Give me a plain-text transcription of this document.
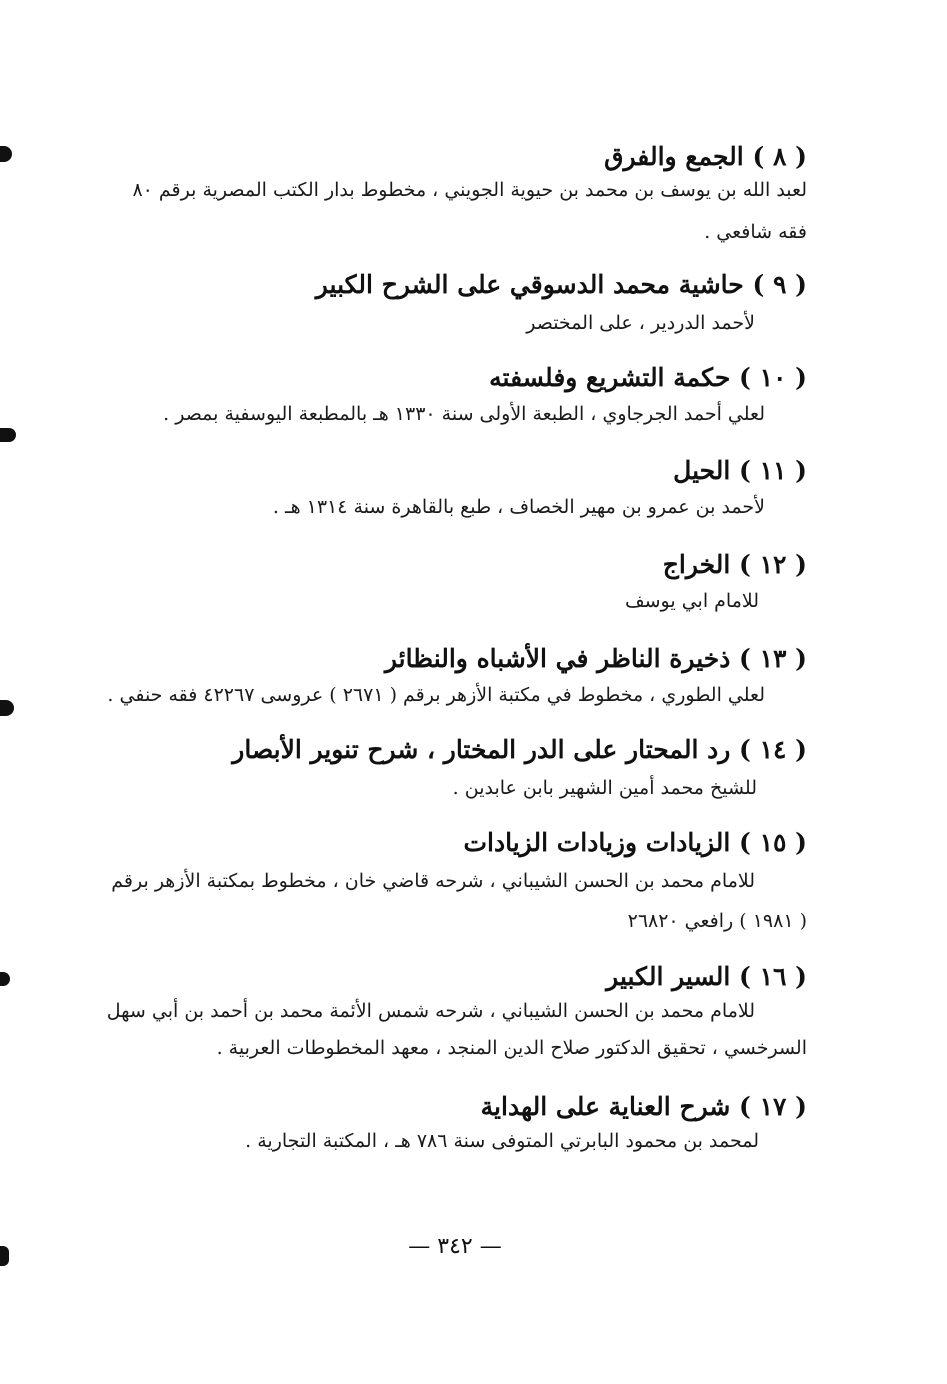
( ٨ ) الجمع والفرق
لعبد الله بن يوسف بن محمد بن حيوية الجويني ، مخطوط بدار الكتب المصرية برقم ٨٠
فقه شافعي .
( ٩ ) حاشية محمد الدسوقي على الشرح الكبير
لأحمد الدردير ، على المختصر
( ١٠ ) حكمة التشريع وفلسفته
لعلي أحمد الجرجاوي ، الطبعة الأولى سنة ١٣٣٠ هـ بالمطبعة اليوسفية بمصر .
( ١١ ) الحيل
لأحمد بن عمرو بن مهير الخصاف ، طبع بالقاهرة سنة ١٣١٤ هـ .
( ١٢ ) الخراج
للامام ابي يوسف
( ١٣ ) ذخيرة الناظر في الأشباه والنظائر
لعلي الطوري ، مخطوط في مكتبة الأزهر برقم ( ٢٦٧١ ) عروسى ٤٢٢٦٧ فقه حنفي .
( ١٤ ) رد المحتار على الدر المختار ، شرح تنوير الأبصار
للشيخ محمد أمين الشهير بابن عابدين .
( ١٥ ) الزيادات وزيادات الزيادات
للامام محمد بن الحسن الشيباني ، شرحه قاضي خان ، مخطوط بمكتبة الأزهر برقم
( ١٩٨١ ) رافعي ٢٦٨٢٠
( ١٦ ) السير الكبير
للامام محمد بن الحسن الشيباني ، شرحه شمس الأئمة محمد بن أحمد بن أبي سهل
السرخسي ، تحقيق الدكتور صلاح الدين المنجد ، معهد المخطوطات العربية .
( ١٧ ) شرح العناية على الهداية
لمحمد بن محمود البابرتي المتوفى سنة ٧٨٦ هـ ، المكتبة التجارية .
— ٣٤٢ —
